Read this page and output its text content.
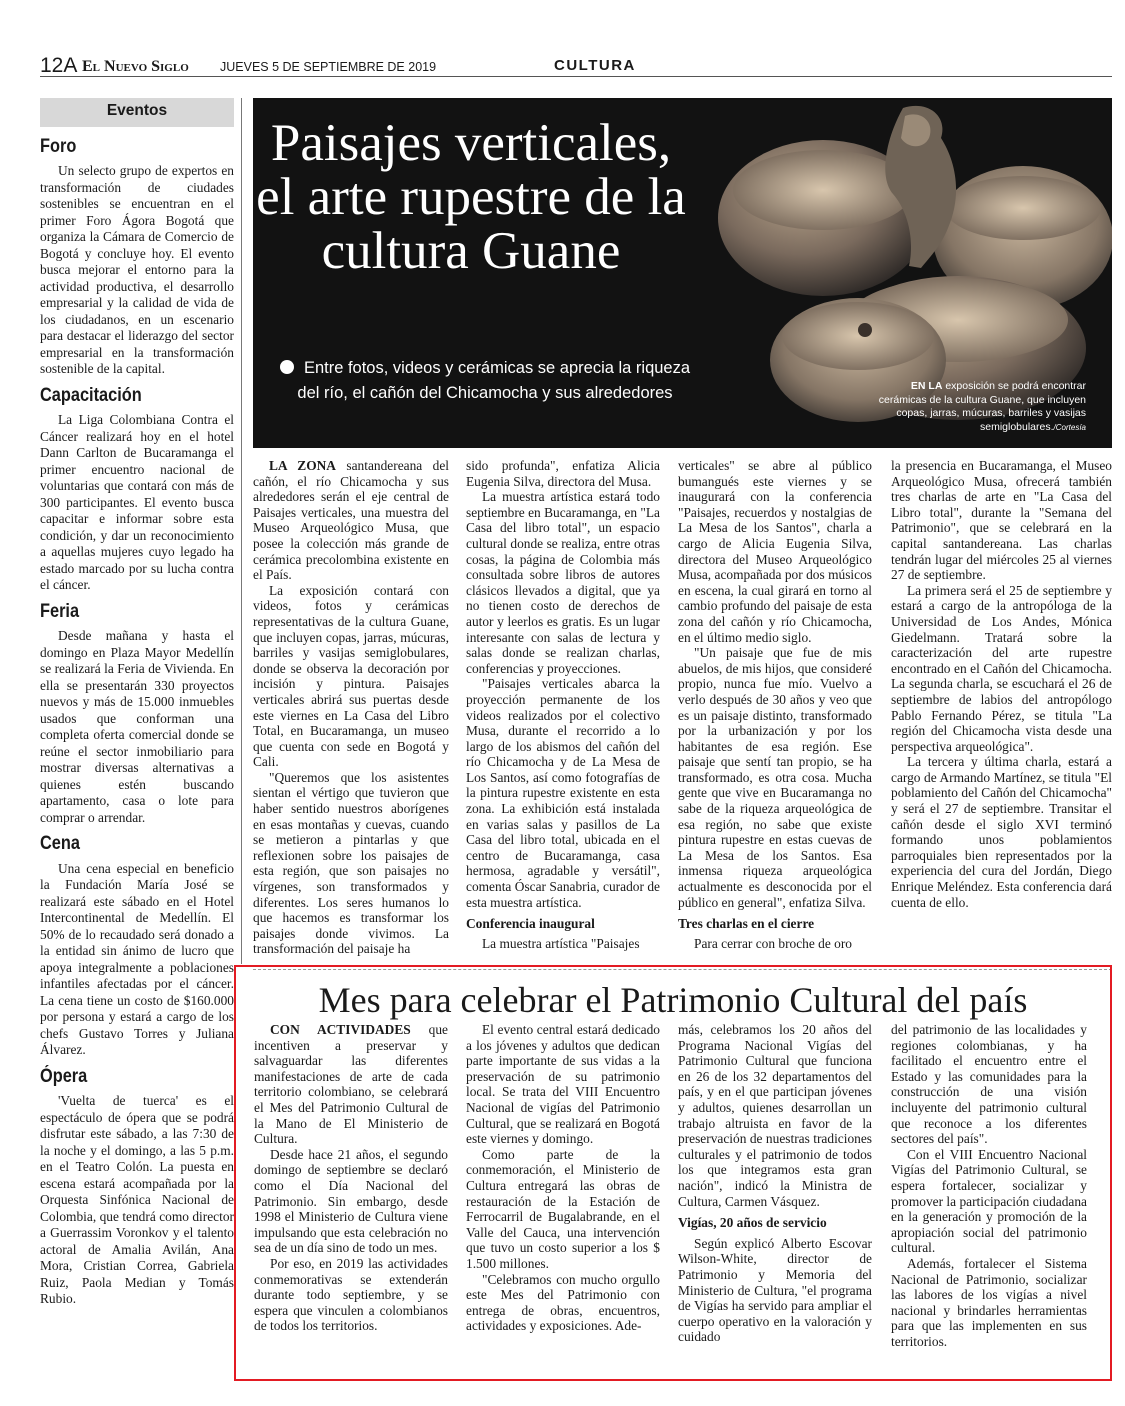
12A El Nuevo Siglo JUEVES 5 DE SEPTIEMBRE DE 2019	CULTURA
Eventos
Foro

Un selecto grupo de expertos en transformación de ciudades sostenibles se encuentran en el primer Foro Ágora Bogotá que organiza la Cámara de Comercio de Bogotá y concluye hoy. El evento busca mejorar el entorno para la actividad productiva, el desarrollo empresarial y la calidad de vida de los ciudadanos, en un escenario para destacar el liderazgo del sector empresarial en la transformación sostenible de la capital.

Capacitación

La Liga Colombiana Contra el Cáncer realizará hoy en el hotel Dann Carlton de Bucaramanga el primer encuentro nacional de voluntarias que contará con más de 300 participantes. El evento busca capacitar e informar sobre esta condición, y dar un reconocimiento a aquellas mujeres cuyo legado ha estado marcado por su lucha contra el cáncer.

Feria

Desde mañana y hasta el domingo en Plaza Mayor Medellín se realizará la Feria de Vivienda. En ella se presentarán 330 proyectos nuevos y más de 15.000 inmuebles usados que conforman una completa oferta comercial donde se reúne el sector inmobiliario para mostrar diversas alternativas a quienes estén buscando apartamento, casa o lote para comprar o arrendar.

Cena

Una cena especial en beneficio la Fundación María José se realizará este sábado en el Hotel Intercontinental de Medellín. El 50% de lo recaudado será donado a la entidad sin ánimo de lucro que apoya integralmente a poblaciones infantiles afectadas por el cáncer. La cena tiene un costo de $160.000 por persona y estará a cargo de los chefs Gustavo Torres y Juliana Álvarez.

Ópera

'Vuelta de tuerca' es el espectáculo de ópera que se podrá disfrutar este sábado, a las 7:30 de la noche y el domingo, a las 5 p.m. en el Teatro Colón. La puesta en escena estará acompañada por la Orquesta Sinfónica Nacional de Colombia, que tendrá como director a Guerrassim Voronkov y el talento actoral de Amalia Avilán, Ana Mora, Cristian Correa, Gabriela Ruiz, Paola Median y Tomás Rubio.

Paisajes verticales, el arte rupestre de la cultura Guane
Entre fotos, videos y cerámicas se aprecia la riqueza del río, el cañón del Chicamocha y sus alrededores	EN LA exposición se podrá encontrar cerámicas de la cultura Guane, que incluyen copas, jarras, múcuras, barriles y vasijas semiglobulares./Cortesía

LA ZONA santandereana del cañón, el río Chicamocha y sus alrededores serán el eje central de Paisajes verticales, una muestra del Museo Arqueológico Musa, que posee la colección más grande de cerámica precolombina existente en el País.

La exposición contará con videos, fotos y cerámicas representativas de la cultura Guane, que incluyen copas, jarras, múcuras, barriles y vasijas semiglobulares, donde se observa la decoración por incisión y pintura. Paisajes verticales abrirá sus puertas desde este viernes en La Casa del Libro Total, en Bucaramanga, un museo que cuenta con sede en Bogotá y Cali.

"Queremos que los asistentes sientan el vértigo que tuvieron que haber sentido nuestros aborígenes en esas montañas y cuevas, cuando se metieron a pintarlas y que reflexionen sobre los paisajes de esta región, que son paisajes no vírgenes, son transformados y diferentes. Los seres humanos lo que hacemos es transformar los paisajes donde vivimos. La transformación del paisaje ha

sido profunda", enfatiza Alicia Eugenia Silva, directora del Musa.

La muestra artística estará todo septiembre en Bucaramanga, en "La Casa del libro total", un espacio cultural donde se realiza, entre otras cosas, la página de Colombia más consultada sobre libros de autores clásicos llevados a digital, que ya no tienen costo de derechos de autor y leerlos es gratis. Es un lugar interesante con salas de lectura y salas donde se realizan charlas, conferencias y proyecciones.

"Paisajes verticales abarca la proyección permanente de los videos realizados por el colectivo Musa, durante el recorrido a lo largo de los abismos del cañón del río Chicamocha y de La Mesa de Los Santos, así como fotografías de la pintura rupestre existente en esta zona. La exhibición está instalada en varias salas y pasillos de La Casa del libro total, ubicada en el centro de Bucaramanga, casa hermosa, agradable y versátil", comenta Óscar Sanabria, curador de esta muestra artística.

Conferencia inaugural

La muestra artística "Paisajes

verticales" se abre al público bumangués este viernes y se inaugurará con la conferencia "Paisajes, recuerdos y nostalgias de La Mesa de los Santos", charla a cargo de Alicia Eugenia Silva, directora del Museo Arqueológico Musa, acompañada por dos músicos en escena, la cual girará en torno al cambio profundo del paisaje de esta zona del cañón y río Chicamocha, en el último medio siglo.

"Un paisaje que fue de mis abuelos, de mis hijos, que consideré propio, nunca fue mío. Vuelvo a verlo después de 30 años y veo que es un paisaje distinto, transformado por la urbanización y por los habitantes de esa región. Ese paisaje que sentí tan propio, se ha transformado, es otra cosa. Mucha gente que vive en Bucaramanga no sabe de la riqueza arqueológica de esa región, no sabe que existe pintura rupestre en estas cuevas de La Mesa de los Santos. Esa inmensa riqueza arqueológica actualmente es desconocida por el público en general", enfatiza Silva.

Tres charlas en el cierre

Para cerrar con broche de oro

la presencia en Bucaramanga, el Museo Arqueológico Musa, ofrecerá también tres charlas de arte en "La Casa del Libro total", durante la "Semana del Patrimonio", que se celebrará en la capital santandereana. Las charlas tendrán lugar del miércoles 25 al viernes 27 de septiembre.

La primera será el 25 de septiembre y estará a cargo de la antropóloga de la Universidad de Los Andes, Mónica Giedelmann. Tratará sobre la caracterización del arte rupestre encontrado en el Cañón del Chicamocha. La segunda charla, se escuchará el 26 de septiembre de labios del antropólogo Pablo Fernando Pérez, se titula "La región del Chicamocha vista desde una perspectiva arqueológica".

La tercera y última charla, estará a cargo de Armando Martínez, se titula "El poblamiento del Cañón del Chicamocha" y será el 27 de septiembre. Transitar el cañón desde el siglo XVI terminó formando unos poblamientos parroquiales bien representados por la experiencia del cura del Jordán, Diego Enrique Meléndez. Esta conferencia dará cuenta de ello.

Mes para celebrar el Patrimonio Cultural del país

CON ACTIVIDADES que incentiven a preservar y salvaguardar las diferentes manifestaciones de arte de cada territorio colombiano, se celebrará el Mes del Patrimonio Cultural de la Mano de El Ministerio de Cultura.

Desde hace 21 años, el segundo domingo de septiembre se declaró como el Día Nacional del Patrimonio. Sin embargo, desde 1998 el Ministerio de Cultura viene impulsando que esta celebración no sea de un día sino de todo un mes.

Por eso, en 2019 las actividades conmemorativas se extenderán durante todo septiembre, y se espera que vinculen a colombianos de todos los territorios.

El evento central estará dedicado a los jóvenes y adultos que dedican parte importante de sus vidas a la preservación de su patrimonio local. Se trata del VIII Encuentro Nacional de vigías del Patrimonio Cultural, que se realizará en Bogotá este viernes y domingo.

Como parte de la conmemoración, el Ministerio de Cultura entregará las obras de restauración de la Estación de Ferrocarril de Bugalabrande, en el Valle del Cauca, una intervención que tuvo un costo superior a los $ 1.500 millones.

"Celebramos con mucho orgullo este Mes del Patrimonio con entrega de obras, encuentros, actividades y exposiciones. Ade-

más, celebramos los 20 años del Programa Nacional Vigías del Patrimonio Cultural que funciona en 26 de los 32 departamentos del país, y en el que participan jóvenes y adultos, quienes desarrollan un trabajo altruista en favor de la preservación de nuestras tradiciones culturales y el patrimonio de todos los que integramos esta gran nación", indicó la Ministra de Cultura, Carmen Vásquez.

Vigías, 20 años de servicio

Según explicó Alberto Escovar Wilson-White, director de Patrimonio y Memoria del Ministerio de Cultura, "el programa de Vigías ha servido para ampliar el cuerpo operativo en la valoración y cuidado

del patrimonio de las localidades y regiones colombianas, y ha facilitado el encuentro entre el Estado y las comunidades para la construcción de una visión incluyente del patrimonio cultural que reconoce a los diferentes sectores del país".

Con el VIII Encuentro Nacional Vigías del Patrimonio Cultural, se espera fortalecer, socializar y promover la participación ciudadana en la generación y promoción de la apropiación social del patrimonio cultural.

Además, fortalecer el Sistema Nacional de Patrimonio, socializar las labores de los vigías a nivel nacional y brindarles herramientas para que las implementen en sus territorios.
